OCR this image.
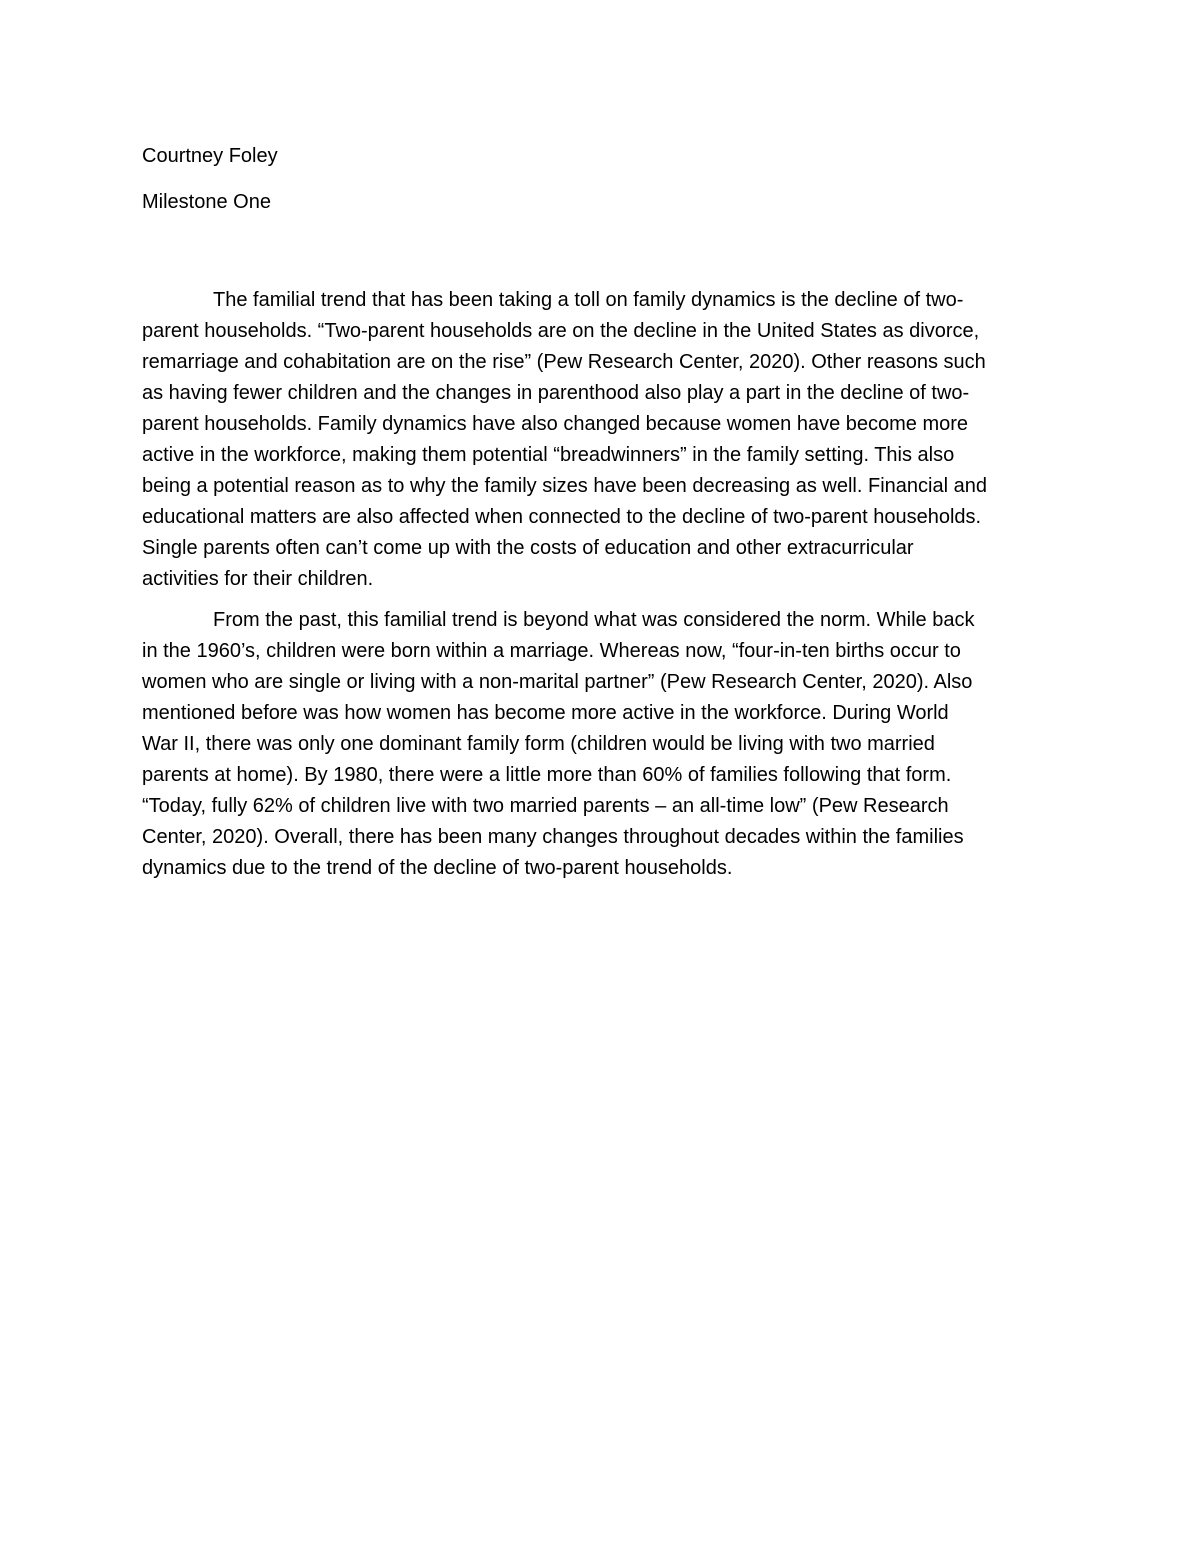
Courtney Foley

Milestone One

The familial trend that has been taking a toll on family dynamics is the decline of two-
parent households. “Two-parent households are on the decline in the United States as divorce,
remarriage and cohabitation are on the rise” (Pew Research Center, 2020). Other reasons such
as having fewer children and the changes in parenthood also play a part in the decline of two-
parent households. Family dynamics have also changed because women have become more
active in the workforce, making them potential “breadwinners” in the family setting. This also
being a potential reason as to why the family sizes have been decreasing as well. Financial and
educational matters are also affected when connected to the decline of two-parent households.
Single parents often can’t come up with the costs of education and other extracurricular
activities for their children.

From the past, this familial trend is beyond what was considered the norm. While back
in the 1960’s, children were born within a marriage. Whereas now, “four-in-ten births occur to
women who are single or living with a non-marital partner” (Pew Research Center, 2020). Also
mentioned before was how women has become more active in the workforce. During World
War II, there was only one dominant family form (children would be living with two married
parents at home). By 1980, there were a little more than 60% of families following that form.
“Today, fully 62% of children live with two married parents – an all-time low” (Pew Research
Center, 2020). Overall, there has been many changes throughout decades within the families
dynamics due to the trend of the decline of two-parent households.
